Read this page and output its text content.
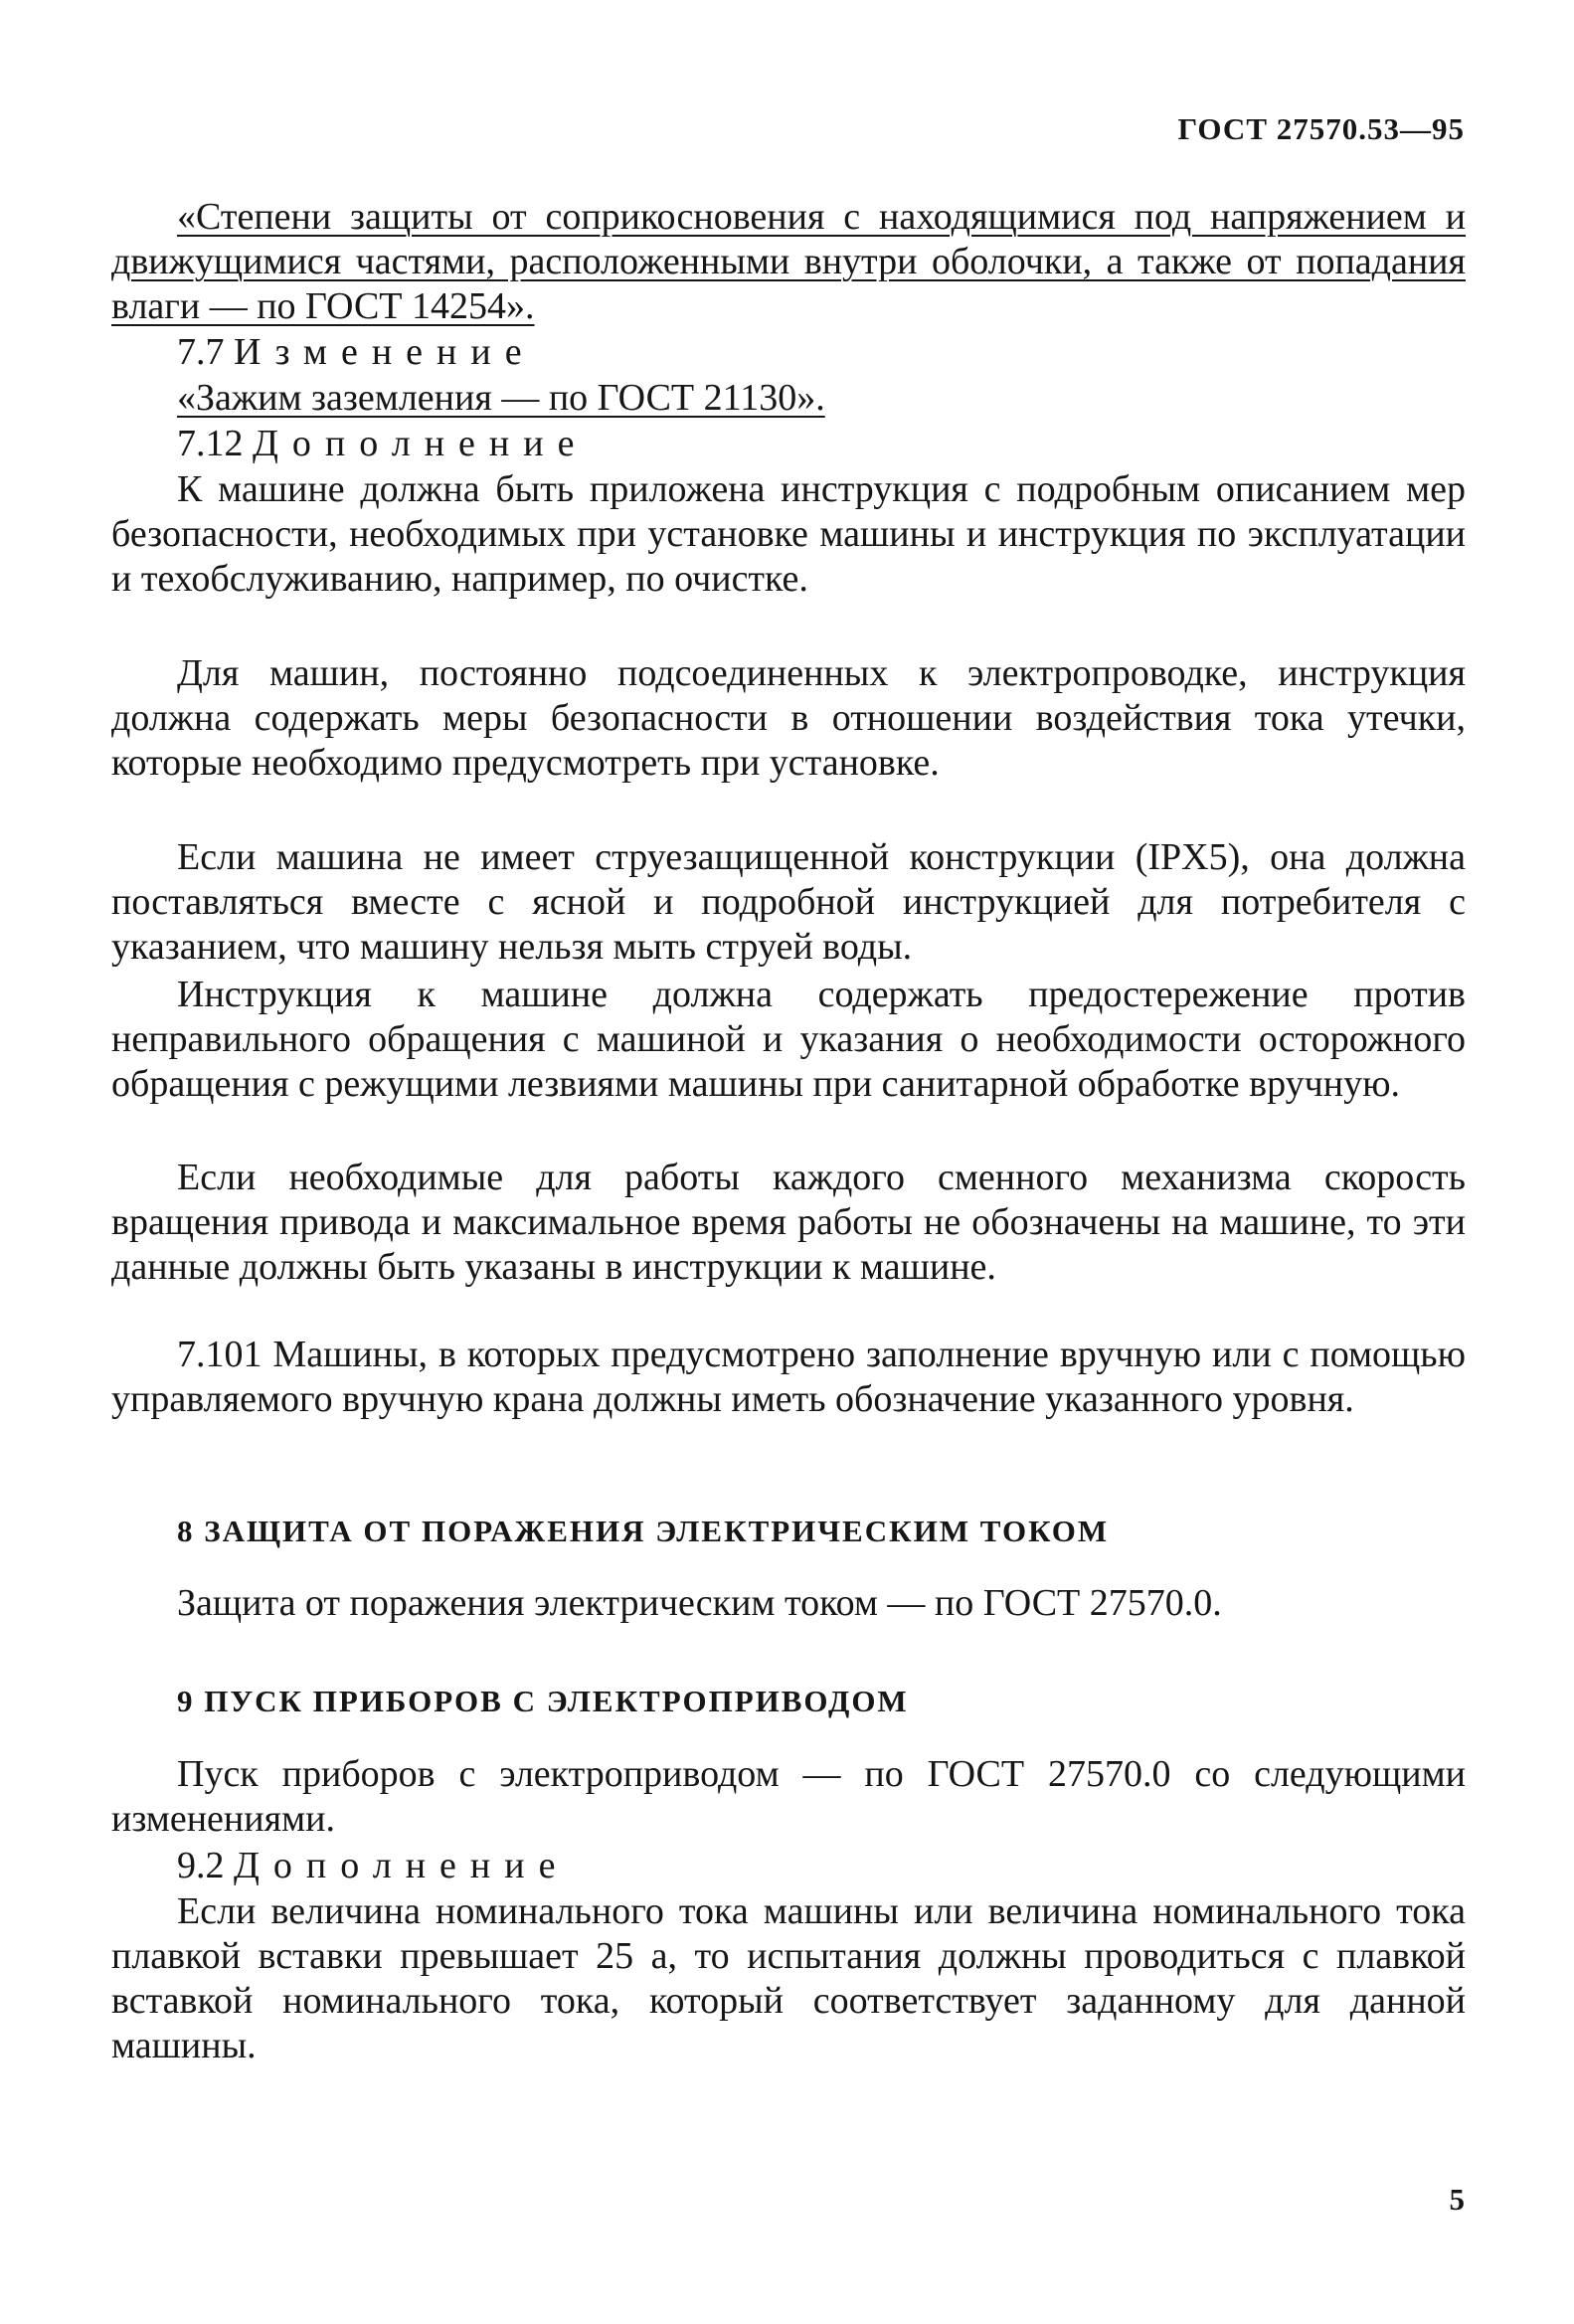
ГОСТ 27570.53—95

«Степени защиты от соприкосновения с находящимися под напряжением и движущимися частями, расположенными внутри оболочки, а также от попадания влаги — по ГОСТ 14254».

7.7 Изменение

«Зажим заземления — по ГОСТ 21130».

7.12 Дополнение

К машине должна быть приложена инструкция с подробным описанием мер безопасности, необходимых при установке машины и инструкция по эксплуатации и техобслуживанию, например, по очистке.

Для машин, постоянно подсоединенных к электропроводке, инструкция должна содержать меры безопасности в отношении воздействия тока утечки, которые необходимо предусмотреть при установке.

Если машина не имеет струезащищенной конструкции (IPX5), она должна поставляться вместе с ясной и подробной инструкцией для потребителя с указанием, что машину нельзя мыть струей воды.

Инструкция к машине должна содержать предостережение против неправильного обращения с машиной и указания о необходимости осторожного обращения с режущими лезвиями машины при санитарной обработке вручную.

Если необходимые для работы каждого сменного механизма скорость вращения привода и максимальное время работы не обозначены на машине, то эти данные должны быть указаны в инструкции к машине.

7.101 Машины, в которых предусмотрено заполнение вручную или с помощью управляемого вручную крана должны иметь обозначение указанного уровня.

8 ЗАЩИТА ОТ ПОРАЖЕНИЯ ЭЛЕКТРИЧЕСКИМ ТОКОМ

Защита от поражения электрическим током — по ГОСТ 27570.0.

9 ПУСК ПРИБОРОВ С ЭЛЕКТРОПРИВОДОМ

Пуск приборов с электроприводом — по ГОСТ 27570.0 со следующими изменениями.

9.2 Дополнение

Если величина номинального тока машины или величина номинального тока плавкой вставки превышает 25 а, то испытания должны проводиться с плавкой вставкой номинального тока, который соответствует заданному для данной машины.

5
